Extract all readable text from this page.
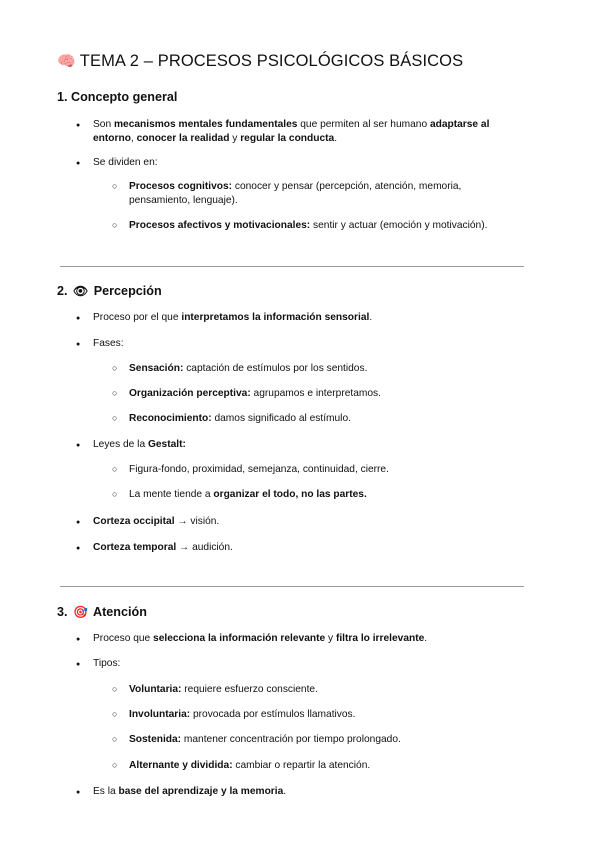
🧠 TEMA 2 – PROCESOS PSICOLÓGICOS BÁSICOS
1. Concepto general
●
Son mecanismos mentales fundamentales que permiten al ser humano adaptarse al entorno, conocer la realidad y regular la conducta.
●
Se dividen en:
○
Procesos cognitivos: conocer y pensar (percepción, atención, memoria, pensamiento, lenguaje).
○
Procesos afectivos y motivacionales: sentir y actuar (emoción y motivación).
2. 👁 Percepción
●
Proceso por el que interpretamos la información sensorial.
●
Fases:
○
Sensación: captación de estímulos por los sentidos.
○
Organización perceptiva: agrupamos e interpretamos.
○
Reconocimiento: damos significado al estímulo.
●
Leyes de la Gestalt:
○
Figura-fondo, proximidad, semejanza, continuidad, cierre.
○
La mente tiende a organizar el todo, no las partes.
●
Corteza occipital → visión.
●
Corteza temporal → audición.
3. 🎯 Atención
●
Proceso que selecciona la información relevante y filtra lo irrelevante.
●
Tipos:
○
Voluntaria: requiere esfuerzo consciente.
○
Involuntaria: provocada por estímulos llamativos.
○
Sostenida: mantener concentración por tiempo prolongado.
○
Alternante y dividida: cambiar o repartir la atención.
●
Es la base del aprendizaje y la memoria.
